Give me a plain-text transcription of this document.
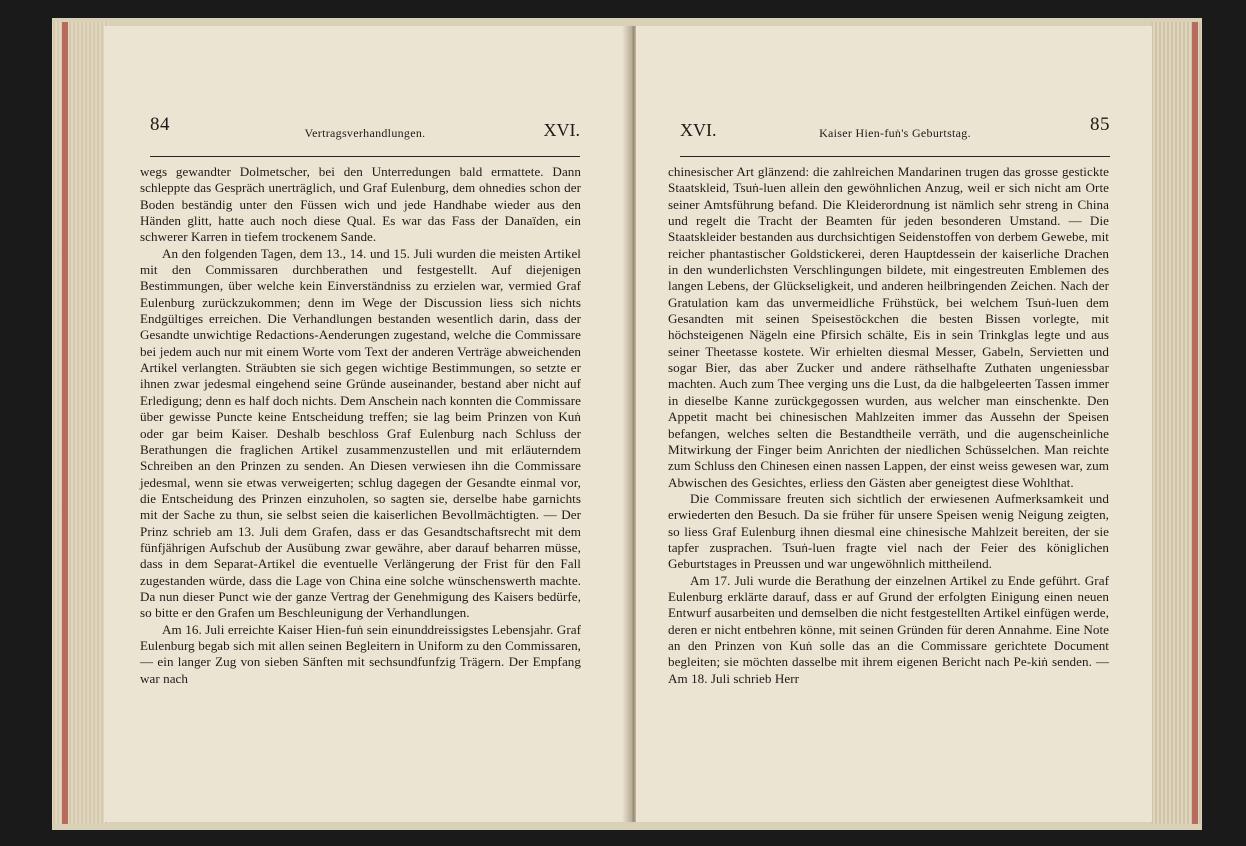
84	Vertragsverhandlungen.	XVI.

wegs gewandter Dolmetscher, bei den Unterredungen bald ermattete. Dann schleppte das Gespräch unerträglich, und Graf Eulenburg, dem ohnedies schon der Boden beständig unter den Füssen wich und jede Handhabe wieder aus den Händen glitt, hatte auch noch diese Qual. Es war das Fass der Danaïden, ein schwerer Karren in tiefem trockenem Sande.

An den folgenden Tagen, dem 13., 14. und 15. Juli wurden die meisten Artikel mit den Commissaren durchberathen und festgestellt. Auf diejenigen Bestimmungen, über welche kein Einverständniss zu erzielen war, vermied Graf Eulenburg zurückzukommen; denn im Wege der Discussion liess sich nichts Endgültiges erreichen. Die Verhandlungen bestanden wesentlich darin, dass der Gesandte unwichtige Redactions-Aenderungen zugestand, welche die Commissare bei jedem auch nur mit einem Worte vom Text der anderen Verträge abweichenden Artikel verlangten. Sträubten sie sich gegen wichtige Bestimmungen, so setzte er ihnen zwar jedesmal eingehend seine Gründe auseinander, bestand aber nicht auf Erledigung; denn es half doch nichts. Dem Anschein nach konnten die Commissare über gewisse Puncte keine Entscheidung treffen; sie lag beim Prinzen von Kuṅ oder gar beim Kaiser. Deshalb beschloss Graf Eulenburg nach Schluss der Berathungen die fraglichen Artikel zusammenzustellen und mit erläuterndem Schreiben an den Prinzen zu senden. An Diesen verwiesen ihn die Commissare jedesmal, wenn sie etwas verweigerten; schlug dagegen der Gesandte einmal vor, die Entscheidung des Prinzen einzuholen, so sagten sie, derselbe habe garnichts mit der Sache zu thun, sie selbst seien die kaiserlichen Bevollmächtigten. — Der Prinz schrieb am 13. Juli dem Grafen, dass er das Gesandtschaftsrecht mit dem fünfjährigen Aufschub der Ausübung zwar gewähre, aber darauf beharren müsse, dass in dem Separat-Artikel die eventuelle Verlängerung der Frist für den Fall zugestanden würde, dass die Lage von China eine solche wünschenswerth machte. Da nun dieser Punct wie der ganze Vertrag der Genehmigung des Kaisers bedürfe, so bitte er den Grafen um Beschleunigung der Verhandlungen.

Am 16. Juli erreichte Kaiser Hien-fuṅ sein einunddreissigstes Lebensjahr. Graf Eulenburg begab sich mit allen seinen Begleitern in Uniform zu den Commissaren, — ein langer Zug von sieben Sänften mit sechsundfunfzig Trägern. Der Empfang war nach

XVI.	Kaiser Hien-fuṅ's Geburtstag.	85

chinesischer Art glänzend: die zahlreichen Mandarinen trugen das grosse gestickte Staatskleid, Tsuṅ-luen allein den gewöhnlichen Anzug, weil er sich nicht am Orte seiner Amtsführung befand. Die Kleiderordnung ist nämlich sehr streng in China und regelt die Tracht der Beamten für jeden besonderen Umstand. — Die Staatskleider bestanden aus durchsichtigen Seidenstoffen von derbem Gewebe, mit reicher phantastischer Goldstickerei, deren Hauptdessein der kaiserliche Drachen in den wunderlichsten Verschlingungen bildete, mit eingestreuten Emblemen des langen Lebens, der Glückseligkeit, und anderen heilbringenden Zeichen. Nach der Gratulation kam das unvermeidliche Frühstück, bei welchem Tsuṅ-luen dem Gesandten mit seinen Speisestöckchen die besten Bissen vorlegte, mit höchsteigenen Nägeln eine Pfirsich schälte, Eis in sein Trinkglas legte und aus seiner Theetasse kostete. Wir erhielten diesmal Messer, Gabeln, Servietten und sogar Bier, das aber Zucker und andere räthselhafte Zuthaten ungeniessbar machten. Auch zum Thee verging uns die Lust, da die halbgeleerten Tassen immer in dieselbe Kanne zurückgegossen wurden, aus welcher man einschenkte. Den Appetit macht bei chinesischen Mahlzeiten immer das Aussehn der Speisen befangen, welches selten die Bestandtheile verräth, und die augenscheinliche Mitwirkung der Finger beim Anrichten der niedlichen Schüsselchen. Man reichte zum Schluss den Chinesen einen nassen Lappen, der einst weiss gewesen war, zum Abwischen des Gesichtes, erliess den Gästen aber geneigtest diese Wohlthat.

Die Commissare freuten sich sichtlich der erwiesenen Aufmerksamkeit und erwiederten den Besuch. Da sie früher für unsere Speisen wenig Neigung zeigten, so liess Graf Eulenburg ihnen diesmal eine chinesische Mahlzeit bereiten, der sie tapfer zusprachen. Tsuṅ-luen fragte viel nach der Feier des königlichen Geburtstages in Preussen und war ungewöhnlich mittheilend.

Am 17. Juli wurde die Berathung der einzelnen Artikel zu Ende geführt. Graf Eulenburg erklärte darauf, dass er auf Grund der erfolgten Einigung einen neuen Entwurf ausarbeiten und demselben die nicht festgestellten Artikel einfügen werde, deren er nicht entbehren könne, mit seinen Gründen für deren Annahme. Eine Note an den Prinzen von Kuṅ solle das an die Commissare gerichtete Document begleiten; sie möchten dasselbe mit ihrem eigenen Bericht nach Pe-kiṅ senden. — Am 18. Juli schrieb Herr
